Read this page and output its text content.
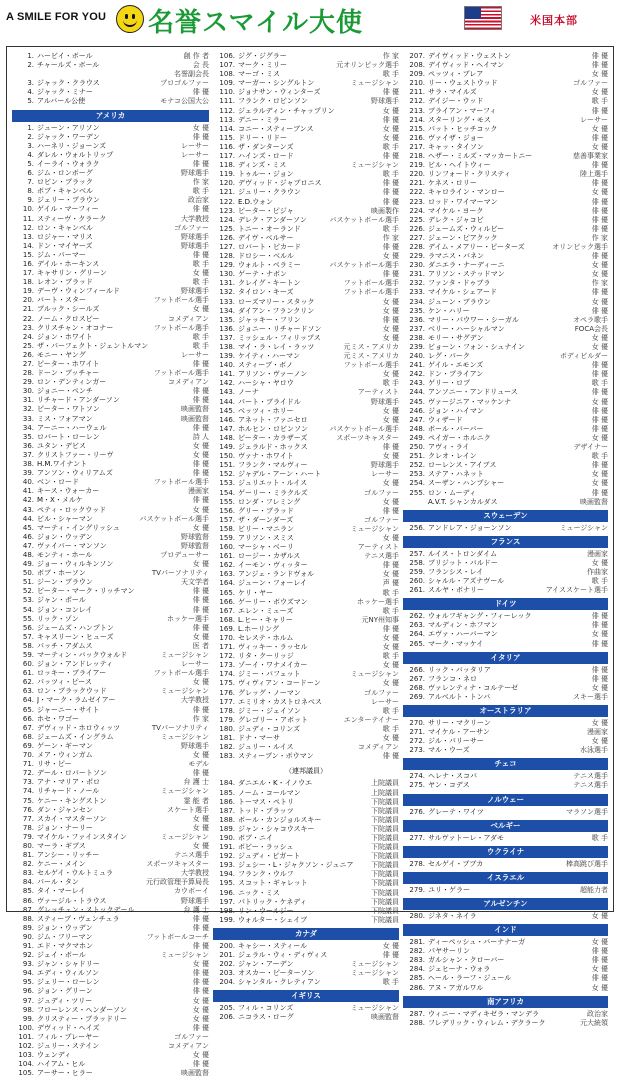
A SMILE FOR YOU 名誉スマイル大使	米国本部
1. ハービイ・ボール	創 作 者
2. チャールズ・ボール	会 長
名誉副会長
3. ジャック・クラウス	プロゴルファー
4. ジャック・ミナー	俳 優
5. アルバール公使	モナコ公国大公
アメリカ
1. ジューン・アリソン	女 優
2. ジャック・ワーデン	俳 優
3. ハーネリ・ジョーンズ	レーサー
4. ダレル・ウォルトリップ	レーサー
5. イーライ・ウォラク	俳 優
6. ジム・ロンボーグ	野球選手
7. ロビン・ブラック	作 家
8. ボブ・キャンベル	歌 手
9. ジェリー・ブラウン	政治家
10. ゲイル・マーフィー	俳 優
11. スティーヴ・クラーク	大学教授
12. ロン・キャンベル	ゴルファー
13. ロジャー・マリス	野球選手
14. ドン・マイヤーズ	野球選手
15. ジム・パーマー	俳 優
16. デイル・ホーキンス	歌 手
17. キャサリン・グリーン	女 優
18. レオン・ブラッド	歌 手
19. デーヴ・ウィンフィールド	野球選手
20. バート・スター	フットボール選手
21. ブルック・シールズ	女 優
22. ノーム・クロスビー	コメディアン
23. クリスチャン・オコナー	フットボール選手
24. ジョン・ホワイト	歌 手
25. ザ・パーフェクト・ジェントルマン	歌 手
26. モニー・ヤング	レーサー
27. ピーター・ホワイト	俳 優
28. ドーン・ブッチャー	フットボール選手
29. ロン・デンティンガー	コメディアン
30. ジョニー・ベンチ	俳 優
31. リチャード・アンダーソン	俳 優
32. ピーター・ワトソン	映画監督
33. ミス・フォアマン	映画監督
34. アーニー・ハーウェル	俳 優
35. ロバート・ローレン	詩 人
36. ユタン・デビス	女 優
37. クリストファー・リーヴ	女 優
38. H.M.ワイナント	俳 優
39. アンソン・ウィリアムズ	俳 優
40. ベン・ロード	フットボール選手
41. キース・ウォーカー	漫画家
42. M・X・メルケ	俳 優
43. ペティ・ロックウッド	女 優
44. ビル・シャーマン	バスケットボール選手
45. マーティ・イングリッシュ	女 優
46. ジョン・ウッデン	野球監督
47. ヴァイパー・マンソン	野球監督
48. モンティ・ホール	プロデューサー
49. ジョー・ウィルキンソン	女 優
50. ボブ・ホーソン	TVパーソナリティ
51. ジーン・ブラウン	天文学者
52. ピーター・マーク・リッチマン	俳 優
53. ジャン・ポール	俳 優
54. ジョン・コンレイ	俳 優
55. リック・ゾン	ホッケー選手
56. ジェームズ・ハンプトン	俳 優
57. キャスリーン・ヒューズ	女 優
58. パッチ・アダムス	医 者
59. マーティン・バックウォルド	ミュージシャン
60. ジョン・アンドレッティ	レーサー
61. ロッキー・ブライアー	フットボール選手
62. パッツィ・ピース	女 優
63. ロン・ブラックウッド	ミュージシャン
64. J・マーク・ラムゼイアー	大学教授
65. ジャーニー・サイト	俳 優
66. ホセ・ワゴー	作 家
67. デヴィッド・ホロウィッツ	TVパーソナリティ
68. ジェームズ・イングラム	ミュージシャン
69. ゲーン・ギーマン	野球選手
70. メア・ウィンガム	女 優
71. リサ・ピー	モデル
72. デール・ロバートソン	俳 優
73. アナ・マリア・ポロ	弁 護 士
74. リチャード・ノール	ミュージシャン
75. ケニー・キングストン	霊 能 者
76. ダン・ジャンセン	スケート選手
77. スカイ・マスターソン	女 優
78. ジョン・ナーリー	女 優
79. マイケル・ファインスタイン	ミュージシャン
80. マーラ・ギブス	女 優
81. アンシー・リッチー	テニス選手
82. ケニー・メイン	スポーツキャスター
83. セルゲイ・ウルトミュラ	大学教授
84. パール・タン	元行政管理予算局長
85. タイ・マーレイ	カウボーイ
86. ヴァージル・トラウス	野球選手
87. グレッチェン・ストックデール	弁 護 士
88. スティーブ・ヴェンチュラ	俳 優
89. ジョン・ウッデン	俳 優
90. ジム・フリーマン	フットボールコーチ
91. エド・マクマホン	俳 優
92. ジェイ・ボール	ミュージシャン
93. ジャン・シャドリー	女 優
94. エディ・ウィルソン	俳 優
95. ジェリー・ローレン	俳 優
96. ジョン・グリーン	俳 優
97. ジュディ・ツリー	女 優
98. フローレンス・ヘンダーソン	女 優
99. クリスティー・ブラッドリー	女 優
100. デヴィッド・ヘイズ	俳 優
101. フィル・プレーヤー	ゴルファー
102. ジュリー・ステイン	コメディアン
103. ウェンディ	女 優
104. ハイアム・ヒル	俳 優
105. アーサー・ヒラー	映画監督
106. ジグ・ジグラー	作 家
107. マーク・ミリー	元オリンピック選手
108. マーゴ・ミス	歌 手
109. マーガー・シングルトン	ミュージシャン
110. ジョナサン・ウィンターズ	俳 優
111. フランク・ロビンソン	野球選手
112. ジェラルディン・チャップリン	女 優
113. デニー・ミラー	俳 優
114. コニー・スティーブンス	女 優
115. ドリー・リドー	女 優
116. ザ・ダンターンズ	歌 手
117. ハインズ・ロード	俳 優
118. ディンズ・ミス	ミュージシャン
119. トゥルー・ジョン	歌 手
120. デヴィッド・ジャブロニス	俳 優
121. ジュリー・クラウン	俳 優
122. E.D.ウォン	俳 優
123. ピーター・ピジャ	映画製作
124. デレク・アンダーソン	バスケットボール選手
125. トニー・オーランド	歌 手
126. デイヴ・ベルサー	作 家
127. ロバート・ピカード	俳 優
128. ドロシー・ベルル	女 優
129. ウォルト・ベラミー	バスケットボール選手
130. ゲーテ・ナボン	俳 優
131. クレイグ・キートン	フットボール選手
132. タイロン・キーズ	フットボール選手
133. ローズマリー・スタック	女 優
134. ダイアン・フランクリン	女 優
135. ジャッキー・フリン	俳 優
136. ジョニー・リチャードソン	女 優
137. ミッシェル・フィリップス	女 優
138. マイ・ラ・レイ・ラッツ	元ミス・アメリカ
139. ケイティ・ハーマン	元ミス・アメリカ
140. スティーブ・ボノ	フットボール選手
141. アリソン・ヴァーノン	女 優
142. ハーシャ・ヤロウ	歌 手
143. ノーナ	アーティスト
144. パート・ブライドル	野球選手
145. ベッツィ・ホリー	女 優
146. アネット・ファニセロ	女 優
147. ホルヒン・ロビンソン	バスケットボール選手
148. ピーター・カラザーズ	スポーツキャスター
149. ジェラルド・ホックス	俳 優
150. ヴァナ・ホワイト	女 優
151. フランク・マルヴィー	野球選手
152. ジャデル・アーン・ハート	レーサー
153. ジュリエット・ルイス	女 優
154. ゲーリー・ミラクルズ	ゴルファー
155. ロンダ・フレミング	女 優
156. グリー・ブラッド	俳 優
157. ザ・ダーンダーズ	ゴルファー
158. ビリー・マニラン	ミュージシャン
159. アリソン・スミス	女 優
160. マーシャ・ベーリ	アーティスト
161. ロージー・カザルス	テニス選手
162. イーモン・ヴィッター	俳 優
163. アンジェ・ランドヴォル	女 優
164. ジューン・フォーレイ	声 優
165. ケリ・ヤー	歌 手
166. ゲーリー・ボウズマン	ホッケー選手
167. エレン・ミューズ	歌 手
168. L.ヒー・キャリー	元NY州知事
169. L.ホーリング	俳 優
170. セレステ・ホルム	女 優
171. ヴィッキー・ラッセル	女 優
172. リタ・クーリッジ	歌 手
173. ゾーイ・ワナメイカー	女 優
174. ジミー・バフェット	ミュージシャン
175. ヴィヴィアン・コードーン	女 優
176. グレッグ・ノーマン	ゴルファー
177. エミリオ・カストロネベス	レーサー
178. ジミー・ジェイソン	歌 手
179. グレゴリー・アボット	エンターテイナー
180. ジュディ・コリンズ	歌 手
181. ドナ・マーサ	女 優
182. ジュリー・ルイス	コメディアン
183. スティーブン・ボウマン	俳 優
（連邦議員）
184. ダニエル・K・イノウエ	上院議員
185. ノーム・コールマン	上院議員
186. トーマス・ペトリ	下院議員
187. トッド・プラッツ	下院議員
188. ボール・カンジョルスキー	下院議員
189. ジャン・シャコウスキー	下院議員
190. ボブ・ニイ	下院議員
191. ボビー・ラッシュ	下院議員
192. ジュディ・ビガート	下院議員
193. ジェシー・L・ジャクソン・ジュニア	下院議員
194. フランク・ウルフ	下院議員
195. スコット・ギャレット	下院議員
196. ニック・ミス	下院議員
197. パトリック・ケネディ	下院議員
198. リン・ウールジー	下院議員
199. ウォルター・シェイブ	下院議員
カナダ
200. キャシー・スティール	女 優
201. ジェラル・ウィ・ディヴィス	俳 優
202. ジャン・アーデン	ミュージシャン
203. オスカー・ピーターソン	ミュージシャン
204. シャンタル・クレティアン	歌 手
イギリス
205. フィル・コリンズ	ミュージシャン
206. ニコラス・ローグ	映画監督
207. デイヴィッド・ウェストン	俳 優
208. デイヴィッド・ヘイマン	俳 優
209. ペッツィ・ブレア	女 優
210. リー・ウェストウッド	ゴルファー
211. サラ・マイルズ	女 優
212. デイジー・ウッド	歌 手
213. ブライアン・マーフィ	俳 優
214. スターリング・モス	レーサー
215. パット・ヒッチコック	女 優
216. ヴァイザ・ジョー	俳 優
217. キャッ・タイソン	女 優
218. ヘザー・ミルズ・マッカートニー	慈善事業家
219. ビル・ヘイトウィー	俳 優
220. リンフォード・クリスティ	陸上選手
221. ケネス・ロリー	俳 優
222. キャロライン・マンロー	女 優
223. ロッド・ワイマーマン	俳 優
224. マイケル・ヨーク	俳 優
225. デレク・ジャコビ	俳 優
226. ジェームズ・ウィルビー	俳 優
227. ジェーン・ピアクック	作 家
228. デイム・メアリー・ピーターズ	オリンピック選手
229. ラマニス・バネン	俳 優
230. ダニエラ・ナーディーニ	女 優
231. アリソン・ステッドマン	女 優
232. ファンタ・ドゥブラ	作 家
233. マイケル・シェアード	俳 優
234. ジューン・ブラウン	女 優
235. ケン・ハリー	俳 優
236. マリー・パウワー・シーガル	オペラ歌手
237. ベリー・ハーシャルマン	FOCA会長
238. モリー・サグデン	女 優
239. ビョーン・フォン・シュナイン	女 優
240. レグ・パーク	ボディビルダー
241. ゲイル・エモンズ	俳 優
242. ドン・ブライアン	俳 優
243. ゲリー・ロブ	歌 手
244. アンソニー・アンドリュース	俳 優
245. ヴァージニア・マッケンナ	女 優
246. ジョン・ハイマン	俳 優
247. ウィザード	俳 優
248. ボール・バーバー	俳 優
249. ペイガー・ホルニク	女 優
250. アヴィ・ライ	デザイナー
251. クレオ・レイン	歌 手
252. ローレンス・アイブス	俳 優
253. ステア・ハネット	女 優
254. スーザン・ハンプシャー	女 優
255. ロン・ムーディ	俳 優
A.V.T. シャンカルダス	映画監督
スウェーデン
256. アンドレア・ジョーンソン	ミュージシャン
フランス
257. ルイス・トロンダイム	漫画家
258. ブリジット・バルドー	女 優
259. フランシス・レイ	作曲家
260. シャルル・アズナヴール	歌 手
261. スルヤ・ボナリー	アイススケート選手
ドイツ
262. ウォルフギャング・フィーレック	俳 優
263. マルディン・ホフマン	俳 優
264. エヴァ・ハーバーマン	女 優
265. マーク・マッケイ	俳 優
イタリア
266. リック・バッタリア	俳 優
267. フランコ・ネロ	俳 優
268. ヴァレンティナ・コルテーゼ	女 優
269. アルベルト・トンバ	スキー選手
オーストラリア
270. サリー・マクリーン	女 優
271. マイケル・アーサン	漫画家
272. ジル・パリーサー	女 優
273. マル・ウーズ	水泳選手
チェコ
274. ヘレナ・スコバ	テニス選手
275. ヤン・コデス	テニス選手
ノルウェー
276. グレーテ・ワイツ	マラソン選手
ベルギー
277. サルヴァトーレ・アダモ	歌 手
ウクライナ
278. セルゲイ・ブブカ	棒高跳び選手
イスラエル
279. ユリ・ゲラー	超能力者
アルゼンチン
280. ジネタ・ネイラ	女 優
インド
281. ディーペッシュ・バーナナーガ	女 優
282. パヤサーリン	俳 優
283. ガルシャン・クローバー	俳 優
284. ジェヒーナ・ウォラ	女 優
285. ヘール・ラーフ・ジュール	俳 優
286. アヌ・アガルワル	女 優
南アフリカ
287. ウィニー・マディキゼラ・マンデラ	政治家
288. フレデリック・ウィレム・デクラーク	元大統領
